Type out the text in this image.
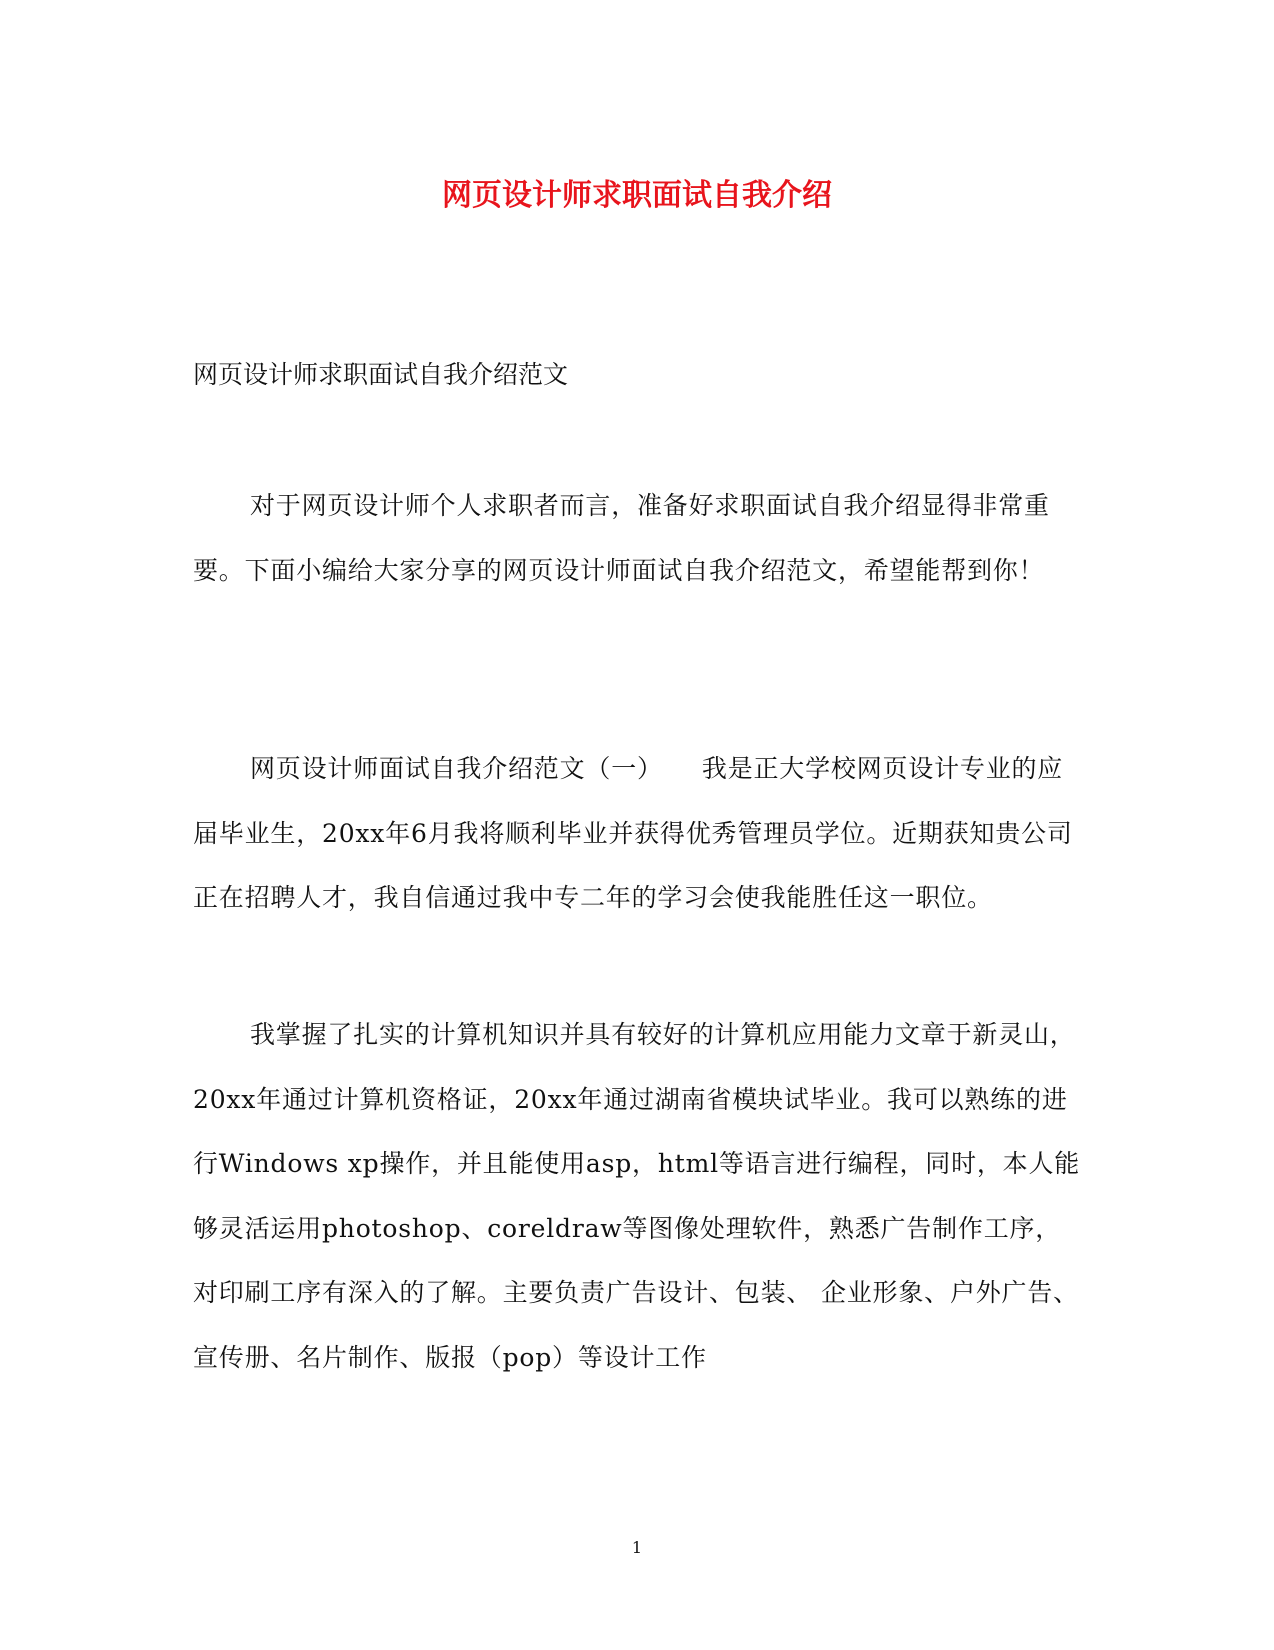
网页设计师求职面试自我介绍

网页设计师求职面试自我介绍范文

对于网页设计师个人求职者而言，准备好求职面试自我介绍显得非常重要。下面小编给大家分享的网页设计师面试自我介绍范文，希望能帮到你！

网页设计师面试自我介绍范文（一）　　我是正大学校网页设计专业的应届毕业生，20xx年6月我将顺利毕业并获得优秀管理员学位。近期获知贵公司正在招聘人才，我自信通过我中专二年的学习会使我能胜任这一职位。

我掌握了扎实的计算机知识并具有较好的计算机应用能力文章于新灵山，20xx年通过计算机资格证，20xx年通过湖南省模块试毕业。我可以熟练的进行Windows xp操作，并且能使用asp，html等语言进行编程，同时，本人能够灵活运用photoshop、coreldraw等图像处理软件，熟悉广告制作工序，对印刷工序有深入的了解。主要负责广告设计、包装、 企业形象、户外广告、宣传册、名片制作、版报（pop）等设计工作

1
